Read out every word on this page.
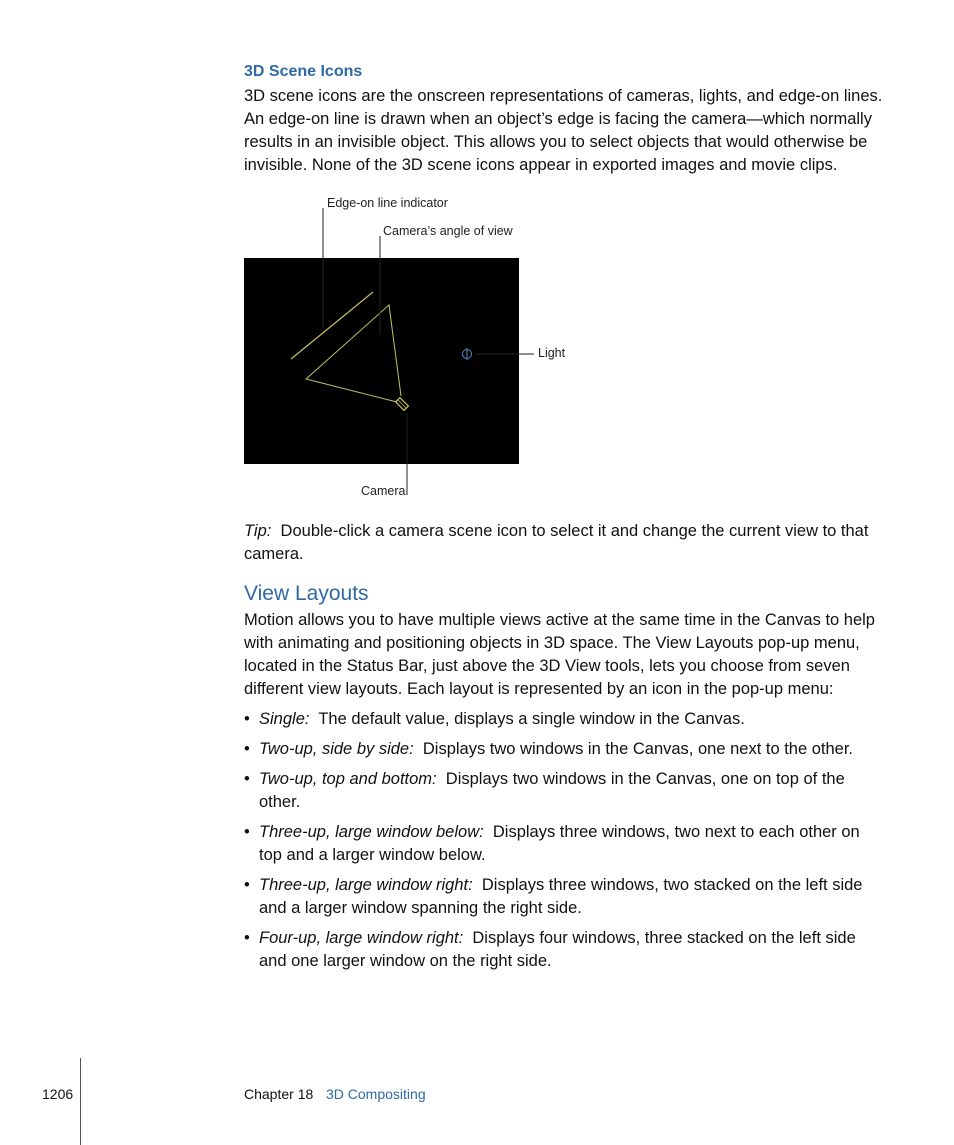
3D Scene Icons

3D scene icons are the onscreen representations of cameras, lights, and edge-on lines. An edge-on line is drawn when an object’s edge is facing the camera—which normally results in an invisible object. This allows you to select objects that would otherwise be invisible. None of the 3D scene icons appear in exported images and movie clips.

Edge-on line indicator
Camera’s angle of view
Light
Camera

Tip: Double-click a camera scene icon to select it and change the current view to that camera.

View Layouts

Motion allows you to have multiple views active at the same time in the Canvas to help with animating and positioning objects in 3D space. The View Layouts pop-up menu, located in the Status Bar, just above the 3D View tools, lets you choose from seven different view layouts. Each layout is represented by an icon in the pop-up menu:

• Single: The default value, displays a single window in the Canvas.
• Two-up, side by side: Displays two windows in the Canvas, one next to the other.
• Two-up, top and bottom: Displays two windows in the Canvas, one on top of the other.
• Three-up, large window below: Displays three windows, two next to each other on top and a larger window below.
• Three-up, large window right: Displays three windows, two stacked on the left side and a larger window spanning the right side.
• Four-up, large window right: Displays four windows, three stacked on the left side and one larger window on the right side.
1206	Chapter 18 3D Compositing
